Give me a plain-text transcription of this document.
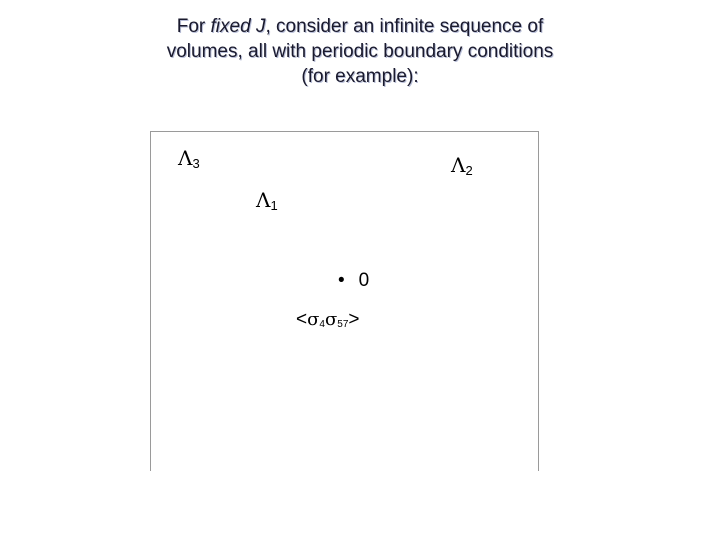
For fixed J, consider an infinite sequence of
volumes, all with periodic boundary conditions
(for example):
$\Lambda_3$	$\Lambda_2$
$\Lambda_1$
• 0
$<\sigma_4\sigma_{57}>$
